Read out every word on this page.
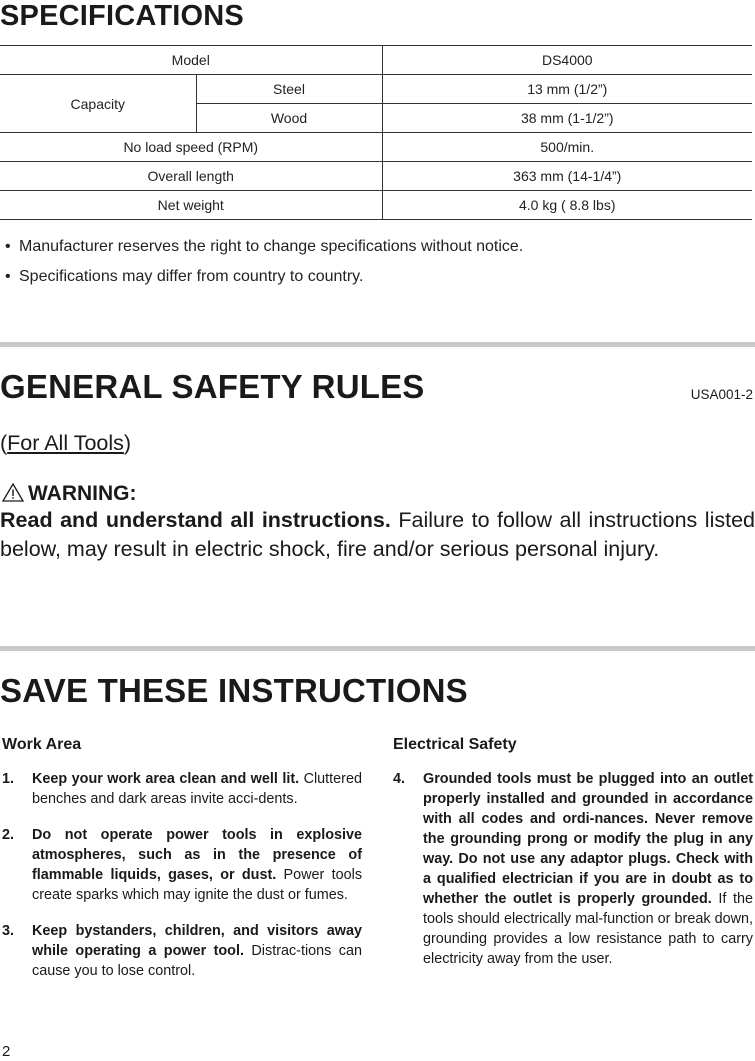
SPECIFICATIONS
Model		DS4000
Capacity	Steel	13 mm (1/2”)
	Wood	38 mm (1-1/2”)
No load speed (RPM)		500/min.
Overall length		363 mm (14-1/4”)
Net weight		4.0 kg ( 8.8 lbs)
• Manufacturer reserves the right to change specifications without notice.
• Specifications may differ from country to country.
GENERAL SAFETY RULES	USA001-2
(For All Tools)
WARNING:
Read and understand all instructions. Failure to follow all instructions listed below, may result in electric shock, fire and/or serious personal injury.
SAVE THESE INSTRUCTIONS
Work Area
1. Keep your work area clean and well lit. Cluttered benches and dark areas invite acci-dents.
2. Do not operate power tools in explosive atmospheres, such as in the presence of flammable liquids, gases, or dust. Power tools create sparks which may ignite the dust or fumes.
3. Keep bystanders, children, and visitors away while operating a power tool. Distrac-tions can cause you to lose control.
Electrical Safety
4. Grounded tools must be plugged into an outlet properly installed and grounded in accordance with all codes and ordi-nances. Never remove the grounding prong or modify the plug in any way. Do not use any adaptor plugs. Check with a qualified electrician if you are in doubt as to whether the outlet is properly grounded. If the tools should electrically mal-function or break down, grounding provides a low resistance path to carry electricity away from the user.
2
